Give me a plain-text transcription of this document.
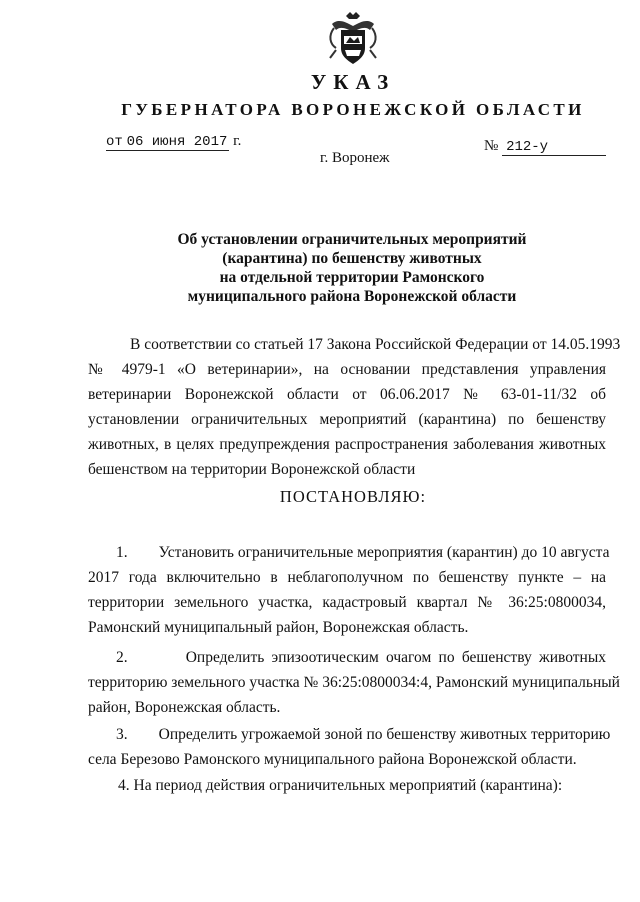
УКАЗ
ГУБЕРНАТОРА ВОРОНЕЖСКОЙ ОБЛАСТИ
от 06 июня 2017 г.	№ 212-у
г. Воронеж
Об установлении ограничительных мероприятий
(карантина) по бешенству животных
на отдельной территории Рамонского
муниципального района Воронежской области
В соответствии со статьей 17 Закона Российской Федерации от 14.05.1993
№ 4979-1 «О ветеринарии», на основании представления управления
ветеринарии Воронежской области от 06.06.2017 № 63-01-11/32 об
установлении ограничительных мероприятий (карантина) по бешенству
животных, в целях предупреждения распространения заболевания животных
бешенством на территории Воронежской области
ПОСТАНОВЛЯЮ:
1.        Установить ограничительные мероприятия (карантин) до 10 августа
2017 года включительно в неблагополучном по бешенству пункте – на
территории земельного участка, кадастровый квартал № 36:25:0800034,
Рамонский муниципальный район, Воронежская область.
2.        Определить эпизоотическим очагом по бешенству животных
территорию земельного участка № 36:25:0800034:4, Рамонский муниципальный
район, Воронежская область.
3.        Определить угрожаемой зоной по бешенству животных территорию
села Березово Рамонского муниципального района Воронежской области.
4. На период действия ограничительных мероприятий (карантина):
